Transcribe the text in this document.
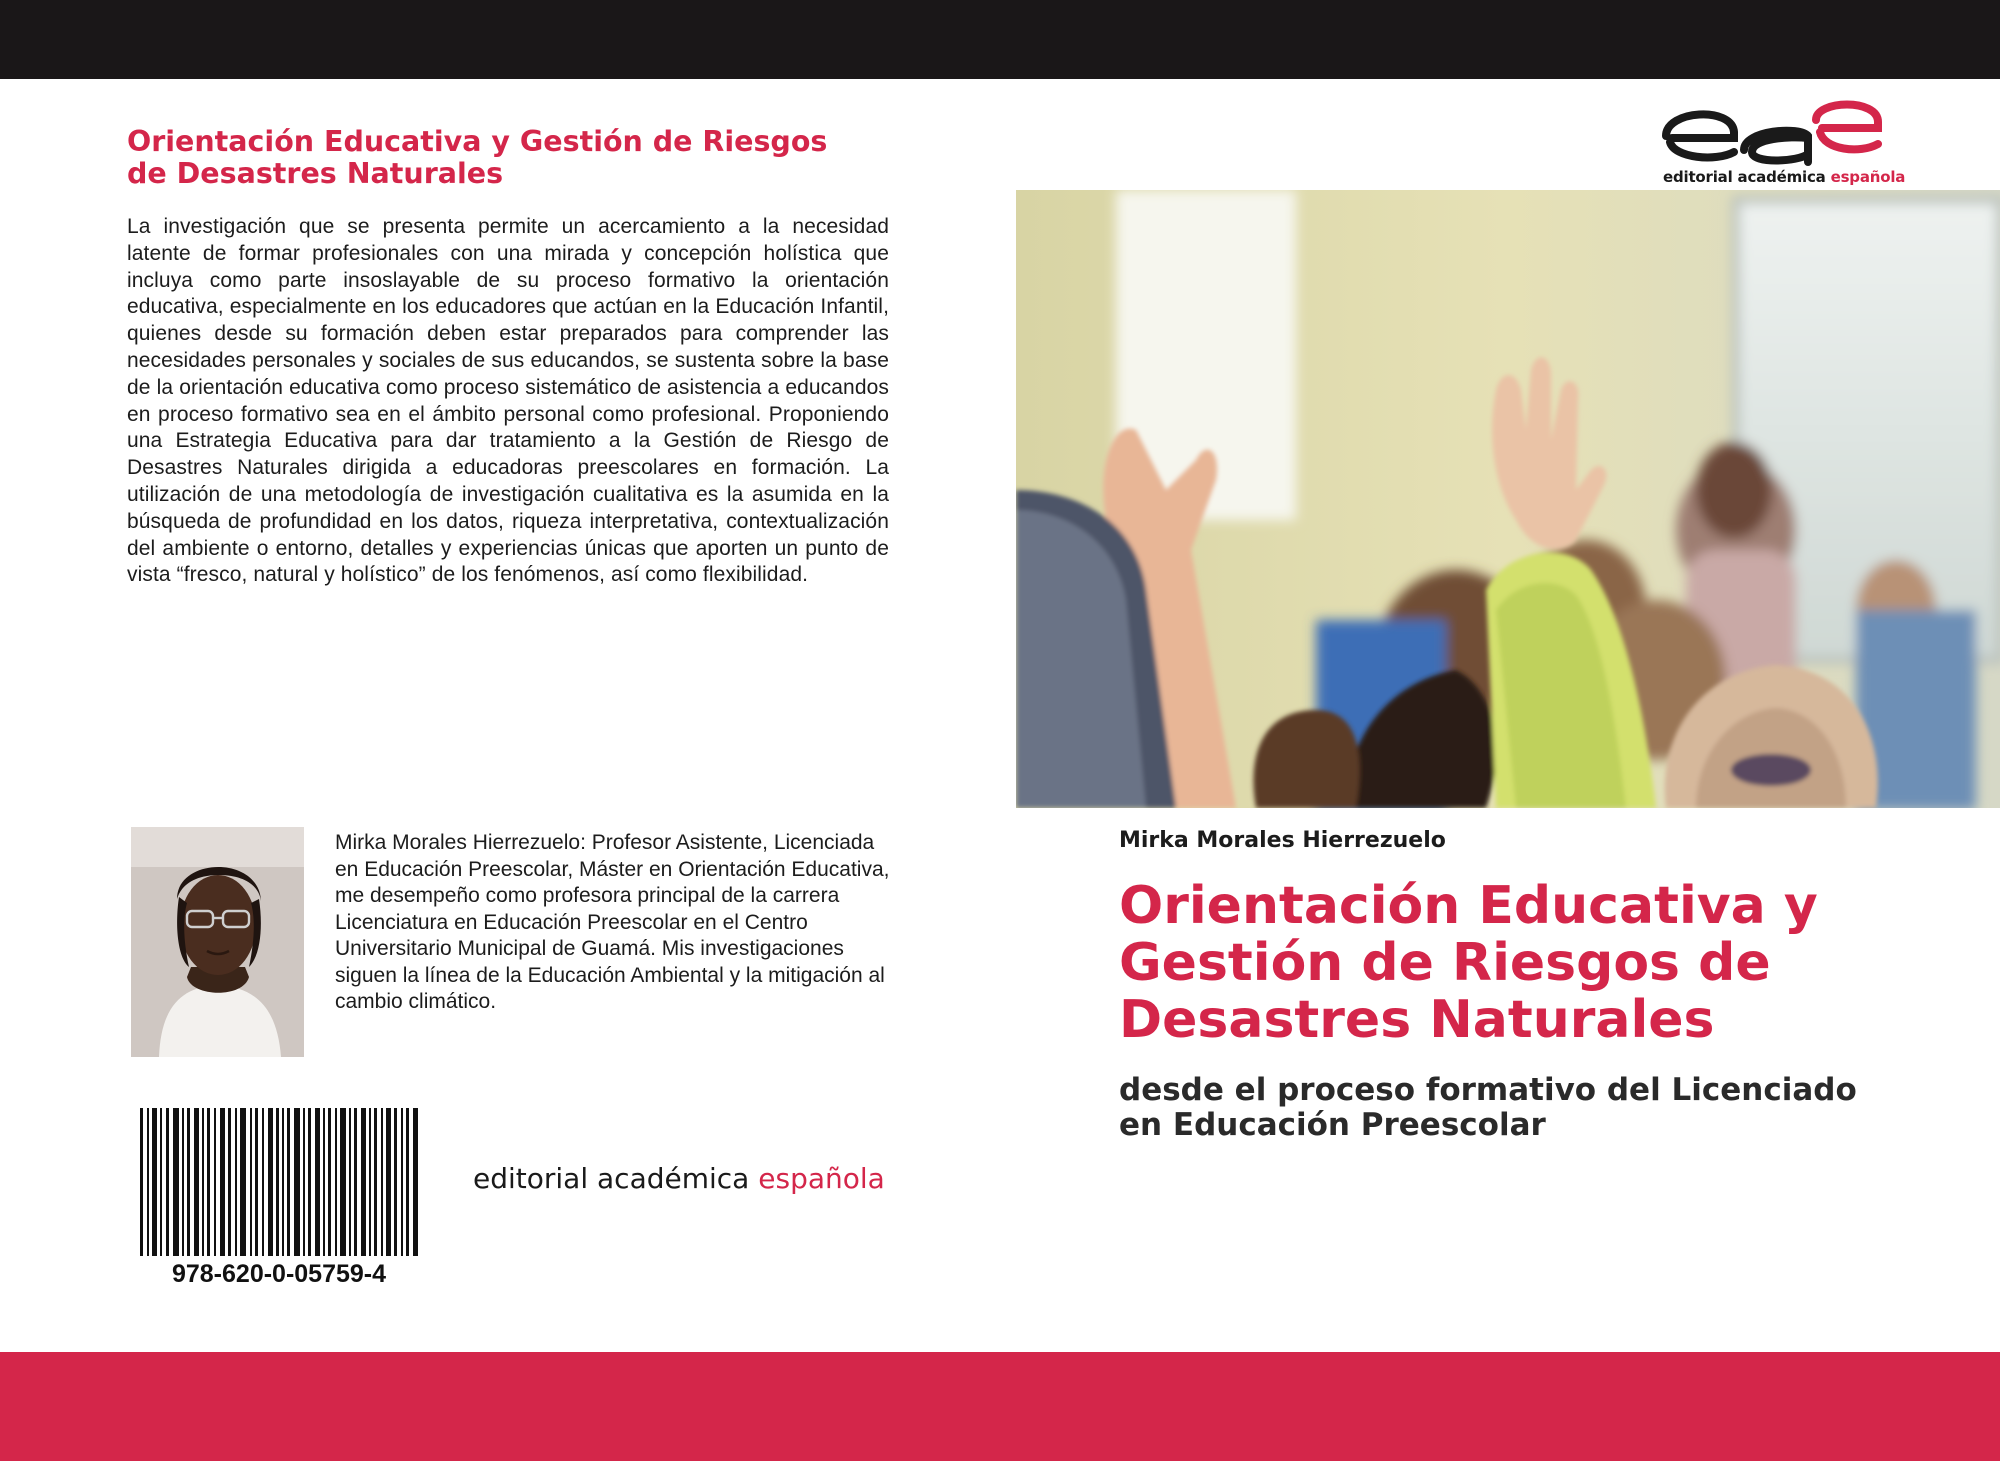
Orientación Educativa y Gestión de Riesgos
de Desastres Naturales

La investigación que se presenta permite un acercamiento a la necesidad latente de formar profesionales con una mirada y concepción holística que incluya como parte insoslayable de su proceso formativo la orientación educativa, especialmente en los educadores que actúan en la Educación Infantil, quienes desde su formación deben estar preparados para comprender las necesidades personales y sociales de sus educandos, se sustenta sobre la base de la orientación educativa como proceso sistemático de asistencia a educandos en proceso formativo sea en el ámbito personal como profesional. Proponiendo una Estrategia Educativa para dar tratamiento a la Gestión de Riesgo de Desastres Naturales dirigida a educadoras preescolares en formación. La utilización de una metodología de investigación cualitativa es la asumida en la búsqueda de profundidad en los datos, riqueza interpretativa, contextualización del ambiente o entorno, detalles y experiencias únicas que aporten un punto de vista “fresco, natural y holístico” de los fenómenos, así como flexibilidad.

Mirka Morales Hierrezuelo: Profesor Asistente, Licenciada en Educación Preescolar, Máster en Orientación Educativa, me desempeño como profesora principal de la carrera Licenciatura en Educación Preescolar en el Centro Universitario Municipal de Guamá. Mis investigaciones siguen la línea de la Educación Ambiental y la mitigación al cambio climático.
978-620-0-05759-4
editorial académica española
editorial académica española
Mirka Morales Hierrezuelo
Orientación Educativa y
Gestión de Riesgos de
Desastres Naturales
desde el proceso formativo del Licenciado
en Educación Preescolar
